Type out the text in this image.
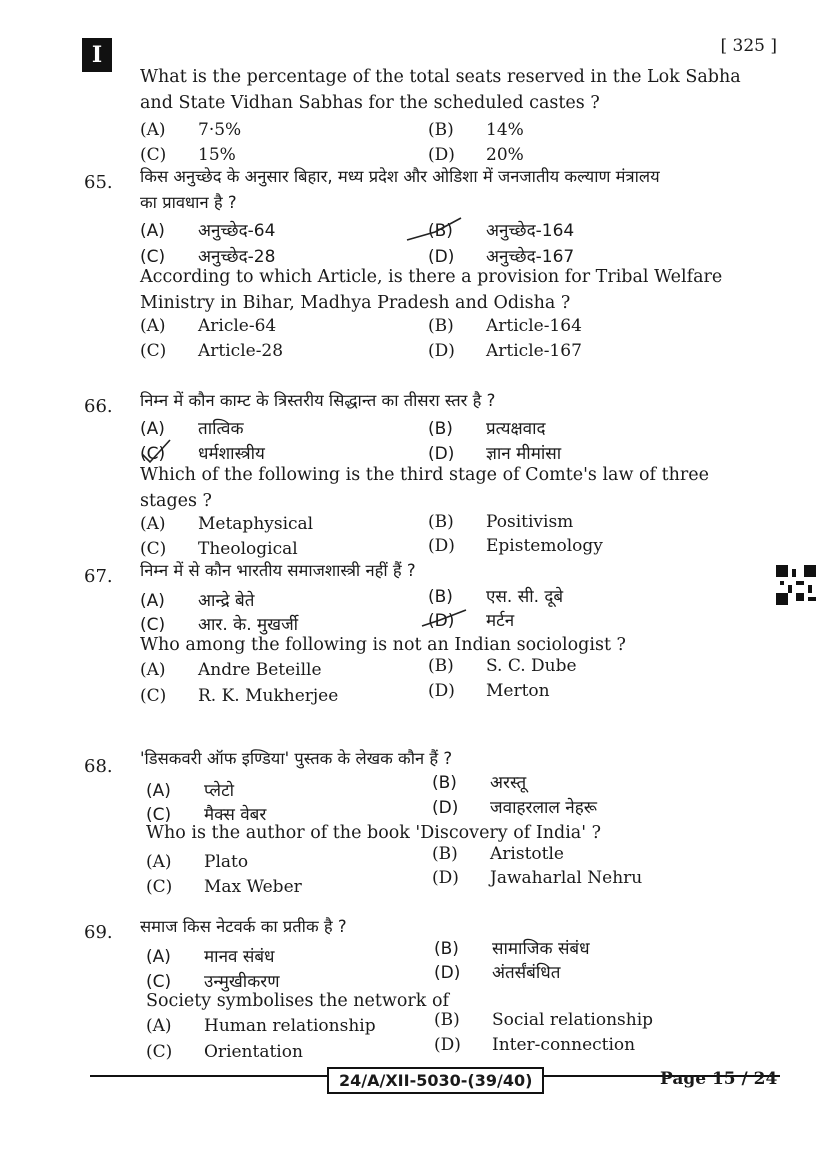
I	[ 325 ]
What is the percentage of the total seats reserved in the Lok Sabha
and State Vidhan Sabhas for the scheduled castes ?
(A) 7·5%	(B) 14%
(C) 15%	(D) 20%
65. किस अनुच्छेद के अनुसार बिहार, मध्य प्रदेश और ओडिशा में जनजातीय कल्याण मंत्रालय
का प्रावधान है ?
(A) अनुच्छेद-64	(B) अनुच्छेद-164
(C) अनुच्छेद-28	(D) अनुच्छेद-167
According to which Article, is there a provision for Tribal Welfare
Ministry in Bihar, Madhya Pradesh and Odisha ?
(A) Aricle-64	(B) Article-164
(C) Article-28	(D) Article-167
66. निम्न में कौन काम्ट के त्रिस्तरीय सिद्धान्त का तीसरा स्तर है ?
(A) तात्विक	(B) प्रत्यक्षवाद
(C) धर्मशास्त्रीय	(D) ज्ञान मीमांसा
Which of the following is the third stage of Comte's law of three
stages ?
(A) Metaphysical	(B) Positivism
(C) Theological	(D) Epistemology
67. निम्न में से कौन भारतीय समाजशास्त्री नहीं हैं ?
(A) आन्द्रे बेते	(B) एस. सी. दूबे
(C) आर. के. मुखर्जी	(D) मर्टन
Who among the following is not an Indian sociologist ?
(A) Andre Beteille	(B) S. C. Dube
(C) R. K. Mukherjee	(D) Merton
68. 'डिसकवरी ऑफ इण्डिया' पुस्तक के लेखक कौन हैं ?
(A) प्लेटो	(B) अरस्तू
(C) मैक्स वेबर	(D) जवाहरलाल नेहरू
Who is the author of the book 'Discovery of India' ?
(A) Plato	(B) Aristotle
(C) Max Weber	(D) Jawaharlal Nehru
69. समाज किस नेटवर्क का प्रतीक है ?
(A) मानव संबंध	(B) सामाजिक संबंध
(C) उन्मुखीकरण	(D) अंतर्संबंधित
Society symbolises the network of
(A) Human relationship	(B) Social relationship
(C) Orientation	(D) Inter-connection
24/A/XII-5030-(39/40)	Page 15 / 24
